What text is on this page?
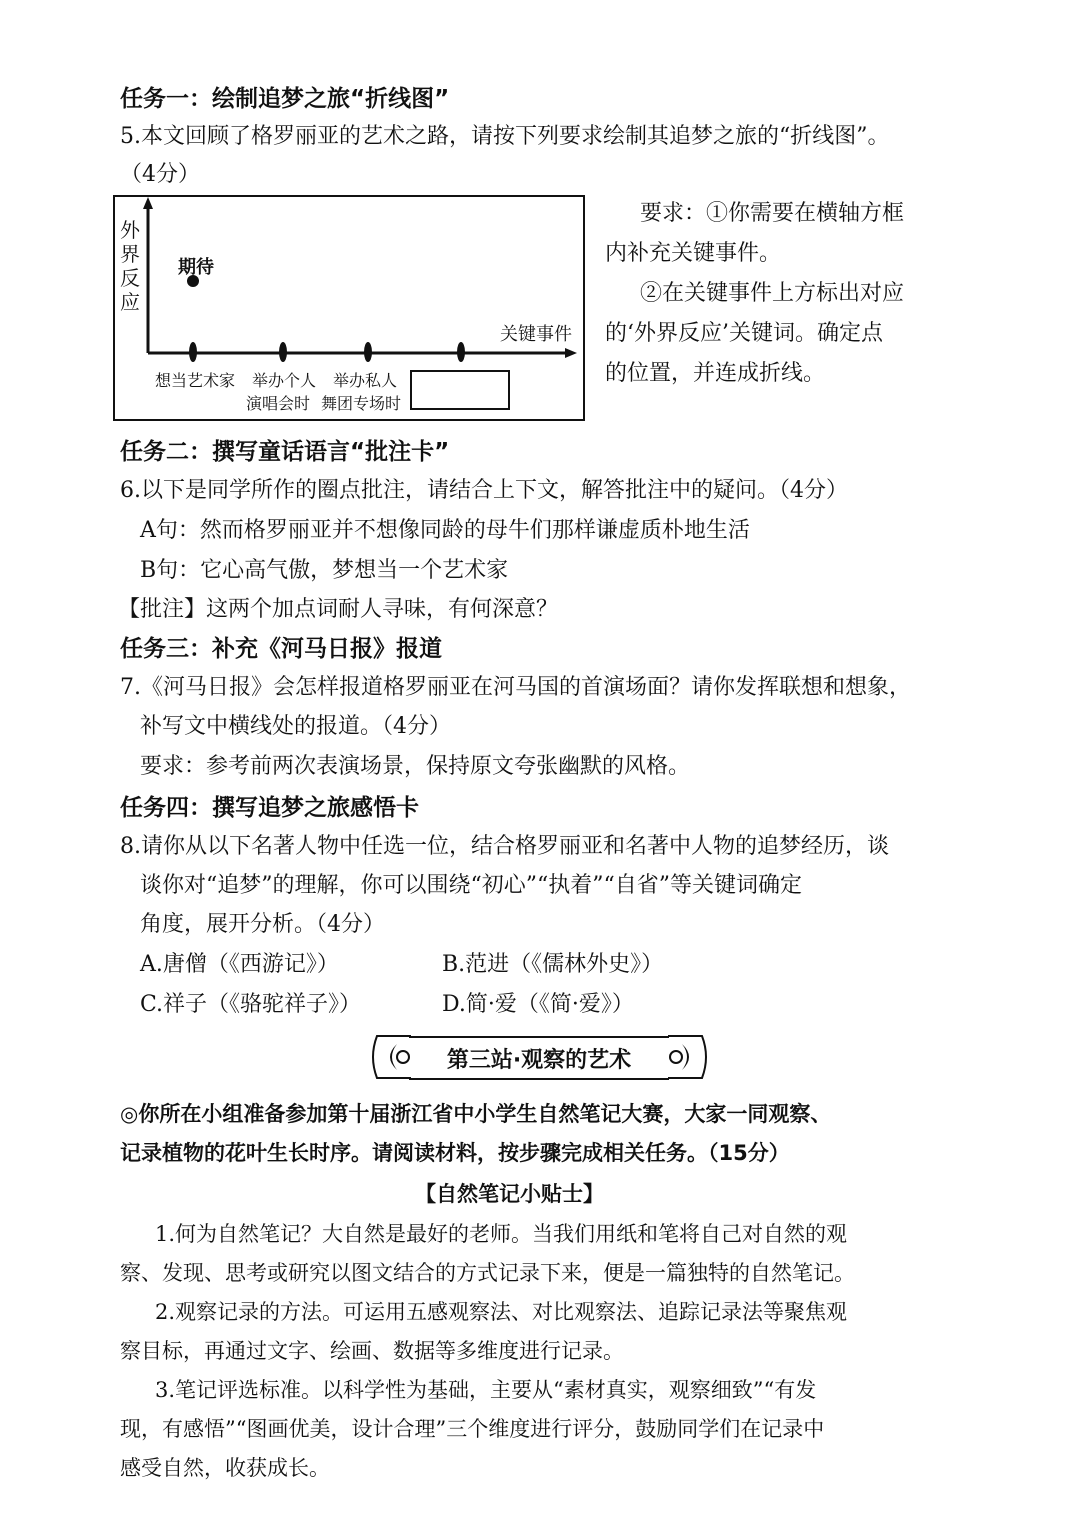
任务一：绘制追梦之旅“折线图”
5.本文回顾了格罗丽亚的艺术之路，请按下列要求绘制其追梦之旅的“折线图”。
（4分）
外
界
反
应
期待
关键事件
想当艺术家 举办个人
演唱会时
举办私人
舞团专场时
要求：①你需要在横轴方框
内补充关键事件。
②在关键事件上方标出对应
的‘外界反应’关键词。确定点
的位置，并连成折线。
任务二：撰写童话语言“批注卡”
6.以下是同学所作的圈点批注，请结合上下文，解答批注中的疑问。（4分）
A句：然而格罗丽亚并不想像同龄的母牛们那样谦虚质朴地生活
B句：它心高气傲，梦想当一个艺术家
【批注】这两个加点词耐人寻味，有何深意？
任务三：补充《河马日报》报道
7.《河马日报》会怎样报道格罗丽亚在河马国的首演场面？请你发挥联想和想象，
补写文中横线处的报道。（4分）
要求：参考前两次表演场景，保持原文夸张幽默的风格。
任务四：撰写追梦之旅感悟卡
8.请你从以下名著人物中任选一位，结合格罗丽亚和名著中人物的追梦经历，谈
谈你对“追梦”的理解，你可以围绕“初心”“执着”“自省”等关键词确定
角度，展开分析。（4分）
A.唐僧（《西游记》）	B.范进（《儒林外史》）
C.祥子（《骆驼祥子》）	D.简·爱（《简·爱》）
第三站·观察的艺术
◎你所在小组准备参加第十届浙江省中小学生自然笔记大赛，大家一同观察、
记录植物的花叶生长时序。请阅读材料，按步骤完成相关任务。（15分）
【自然笔记小贴士】
1.何为自然笔记？大自然是最好的老师。当我们用纸和笔将自己对自然的观
察、发现、思考或研究以图文结合的方式记录下来，便是一篇独特的自然笔记。
2.观察记录的方法。可运用五感观察法、对比观察法、追踪记录法等聚焦观
察目标，再通过文字、绘画、数据等多维度进行记录。
3.笔记评选标准。以科学性为基础，主要从“素材真实，观察细致”“有发
现，有感悟”“图画优美，设计合理”三个维度进行评分，鼓励同学们在记录中
感受自然，收获成长。
